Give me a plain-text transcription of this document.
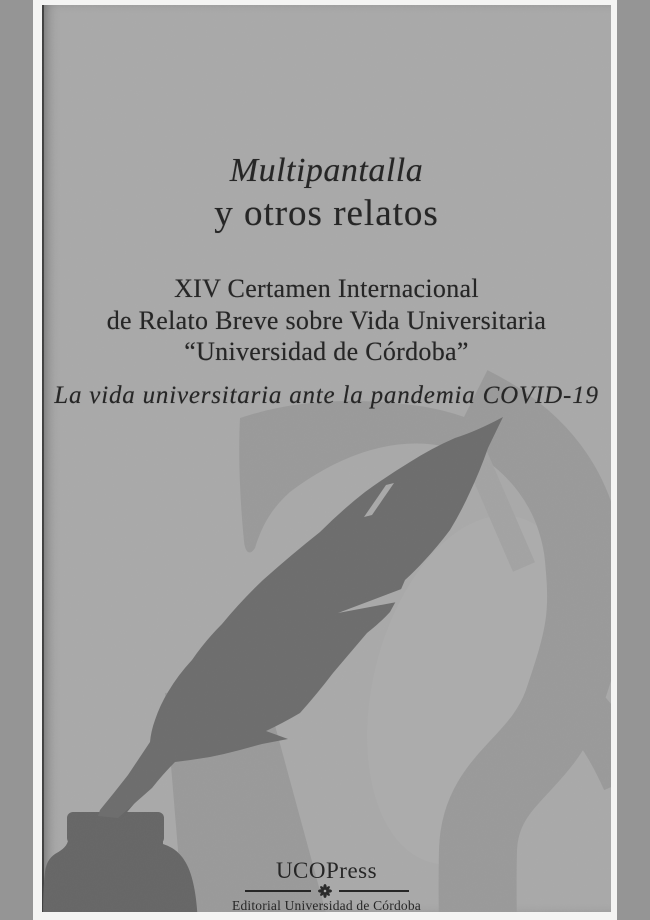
Multipantalla
y otros relatos
XIV Certamen Internacional
de Relato Breve sobre Vida Universitaria
“Universidad de Córdoba”
La vida universitaria ante la pandemia COVID-19
UCOPress
Editorial Universidad de Córdoba
